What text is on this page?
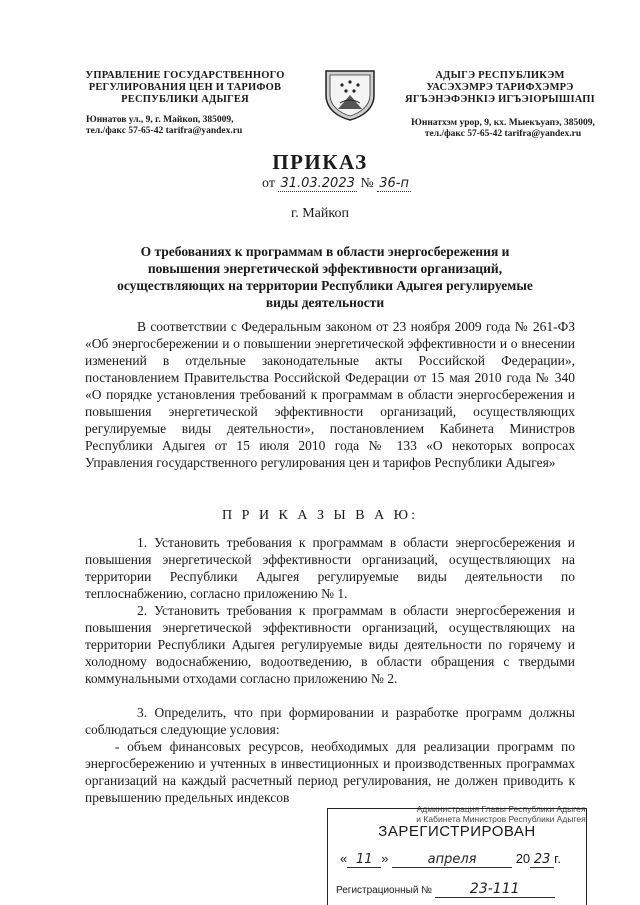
УПРАВЛЕНИЕ ГОСУДАРСТВЕННОГО РЕГУЛИРОВАНИЯ ЦЕН И ТАРИФОВ РЕСПУБЛИКИ АДЫГЕЯ
Юннатов ул., 9, г. Майкоп, 385009,
тел./факс 57-65-42 tarifra@yandex.ru
АДЫГЭ РЕСПУБЛИКЭМ
УАСЭХЭМРЭ ТАРИФХЭМРЭ
ЯГЪЭНЭФЭНКIЭ ИГЪЭIОРЫШIАПI
Юннатхэм урор, 9, кх. Мыекъуапэ, 385009,
тел./факс 57-65-42 tarifra@yandex.ru
ПРИКАЗ
от 31.03.2023 № 36-п
г. Майкоп
О требованиях к программам в области энергосбережения и повышения энергетической эффективности организаций, осуществляющих на территории Республики Адыгея регулируемые виды деятельности
В соответствии с Федеральным законом от 23 ноября 2009 года № 261-ФЗ «Об энергосбережении и о повышении энергетической эффективности и о внесении изменений в отдельные законодательные акты Российской Федерации», постановлением Правительства Российской Федерации от 15 мая 2010 года № 340 «О порядке установления требований к программам в области энергосбережения и повышения энергетической эффективности организаций, осуществляющих регулируемые виды деятельности», постановлением Кабинета Министров Республики Адыгея от 15 июля 2010 года № 133 «О некоторых вопросах Управления государственного регулирования цен и тарифов Республики Адыгея»
П Р И К А З Ы В А Ю:
1. Установить требования к программам в области энергосбережения и повышения энергетической эффективности организаций, осуществляющих на территории Республики Адыгея регулируемые виды деятельности по теплоснабжению, согласно приложению № 1.
2. Установить требования к программам в области энергосбережения и повышения энергетической эффективности организаций, осуществляющих на территории Республики Адыгея регулируемые виды деятельности по горячему и холодному водоснабжению, водоотведению, в области обращения с твердыми коммунальными отходами согласно приложению № 2.
3. Определить, что при формировании и разработке программ должны соблюдаться следующие условия:
- объем финансовых ресурсов, необходимых для реализации программ по энергосбережению и учтенных в инвестиционных и производственных программах организаций на каждый расчетный период регулирования, не должен приводить к превышению предельных индексов
Администрация Главы Республики Адыгея
и Кабинета Министров Республики Адыгея
ЗАРЕГИСТРИРОВАН
« 11 »	апреля	20 23 г.
Регистрационный №	23-111
